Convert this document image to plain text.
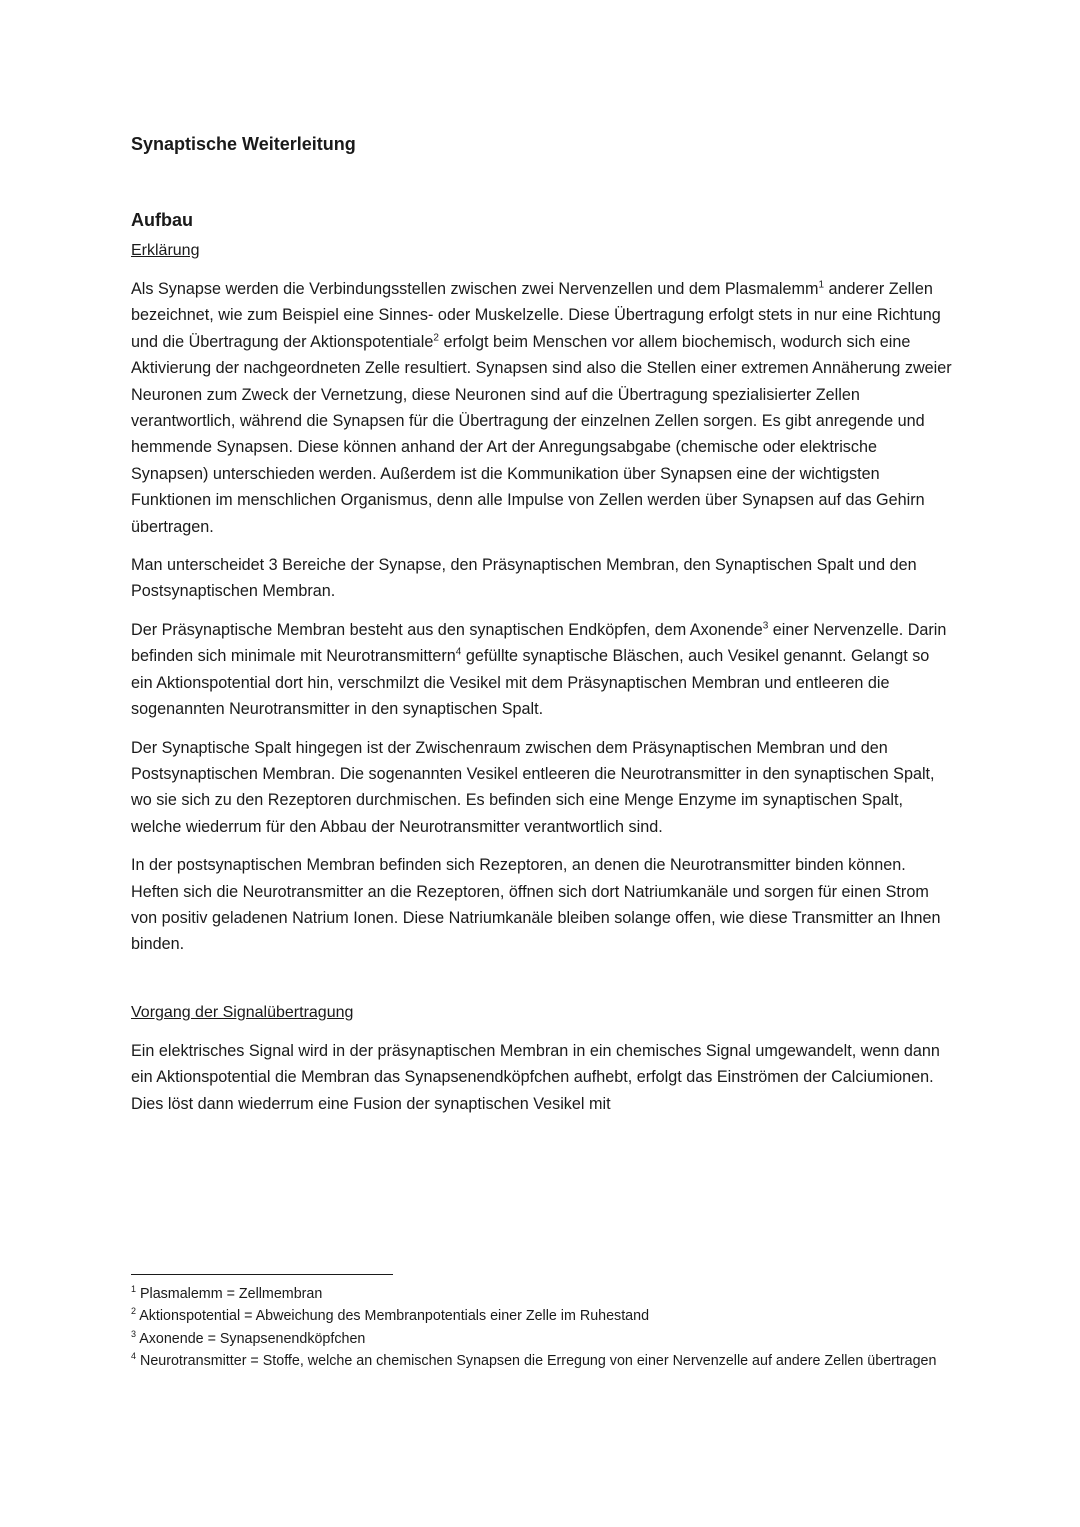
Synaptische Weiterleitung
Aufbau
Erklärung

Als Synapse werden die Verbindungsstellen zwischen zwei Nervenzellen und dem Plasmalemm$^1$ anderer Zellen bezeichnet, wie zum Beispiel eine Sinnes- oder Muskelzelle. Diese Übertragung erfolgt stets in nur eine Richtung und die Übertragung der Aktionspotentiale$^2$ erfolgt beim Menschen vor allem biochemisch, wodurch sich eine Aktivierung der nachgeordneten Zelle resultiert. Synapsen sind also die Stellen einer extremen Annäherung zweier Neuronen zum Zweck der Vernetzung, diese Neuronen sind auf die Übertragung spezialisierter Zellen verantwortlich, während die Synapsen für die Übertragung der einzelnen Zellen sorgen. Es gibt anregende und hemmende Synapsen. Diese können anhand der Art der Anregungsabgabe (chemische oder elektrische Synapsen) unterschieden werden. Außerdem ist die Kommunikation über Synapsen eine der wichtigsten Funktionen im menschlichen Organismus, denn alle Impulse von Zellen werden über Synapsen auf das Gehirn übertragen.

Man unterscheidet 3 Bereiche der Synapse, den Präsynaptischen Membran, den Synaptischen Spalt und den Postsynaptischen Membran.

Der Präsynaptische Membran besteht aus den synaptischen Endköpfen, dem Axonende$^3$ einer Nervenzelle. Darin befinden sich minimale mit Neurotransmittern$^4$ gefüllte synaptische Bläschen, auch Vesikel genannt. Gelangt so ein Aktionspotential dort hin, verschmilzt die Vesikel mit dem Präsynaptischen Membran und entleeren die sogenannten Neurotransmitter in den synaptischen Spalt.

Der Synaptische Spalt hingegen ist der Zwischenraum zwischen dem Präsynaptischen Membran und den Postsynaptischen Membran. Die sogenannten Vesikel entleeren die Neurotransmitter in den synaptischen Spalt, wo sie sich zu den Rezeptoren durchmischen. Es befinden sich eine Menge Enzyme im synaptischen Spalt, welche wiederrum für den Abbau der Neurotransmitter verantwortlich sind.

In der postsynaptischen Membran befinden sich Rezeptoren, an denen die Neurotransmitter binden können. Heften sich die Neurotransmitter an die Rezeptoren, öffnen sich dort Natriumkanäle und sorgen für einen Strom von positiv geladenen Natrium Ionen. Diese Natriumkanäle bleiben solange offen, wie diese Transmitter an Ihnen binden.

Vorgang der Signalübertragung

Ein elektrisches Signal wird in der präsynaptischen Membran in ein chemisches Signal umgewandelt, wenn dann ein Aktionspotential die Membran das Synapsenendköpfchen aufhebt, erfolgt das Einströmen der Calciumionen. Dies löst dann wiederrum eine Fusion der synaptischen Vesikel mit

$^1$ Plasmalemm = Zellmembran

$^2$ Aktionspotential = Abweichung des Membranpotentials einer Zelle im Ruhestand

$^3$ Axonende = Synapsenendköpfchen

$^4$ Neurotransmitter = Stoffe, welche an chemischen Synapsen die Erregung von einer Nervenzelle auf andere Zellen übertragen
